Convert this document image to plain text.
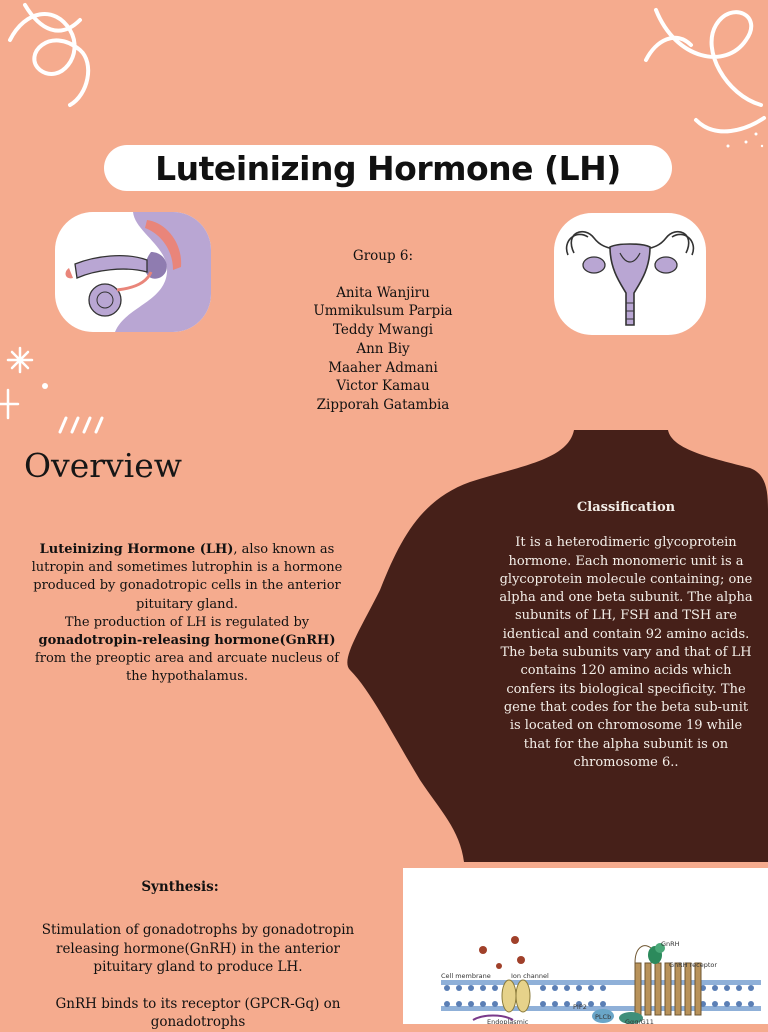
Luteinizing Hormone (LH)
Group 6:
Anita Wanjiru
Ummikulsum Parpia
Teddy Mwangi
Ann Biy
Maaher Admani
Victor Kamau
Zipporah Gatambia
Overview
Luteinizing Hormone (LH), also known as lutropin and sometimes lutrophin is a hormone produced by gonadotropic cells in the anterior pituitary gland.
The production of LH is regulated by
gonadotropin-releasing hormone(GnRH) from the preoptic area and arcuate nucleus of the hypothalamus.
Classification
It is a heterodimeric glycoprotein hormone. Each monomeric unit is a glycoprotein molecule containing; one alpha and one beta subunit. The alpha subunits of LH, FSH and TSH are identical and contain 92 amino acids. The beta subunits vary and that of LH contains 120 amino acids which confers its biological specificity. The gene that codes for the beta sub-unit is located on chromosome 19 while that for the alpha subunit is on chromosome 6..
Synthesis:
Stimulation of gonadotrophs by gonadotropin releasing hormone(GnRH) in the anterior pituitary gland to produce LH.
GnRH binds to its receptor (GPCR-Gq) on gonadotrophs
GnRH
GnRH receptor
Cell membrane	Ion channel
PIP2
PLCb
Gαq/G11
Endoplasmic
